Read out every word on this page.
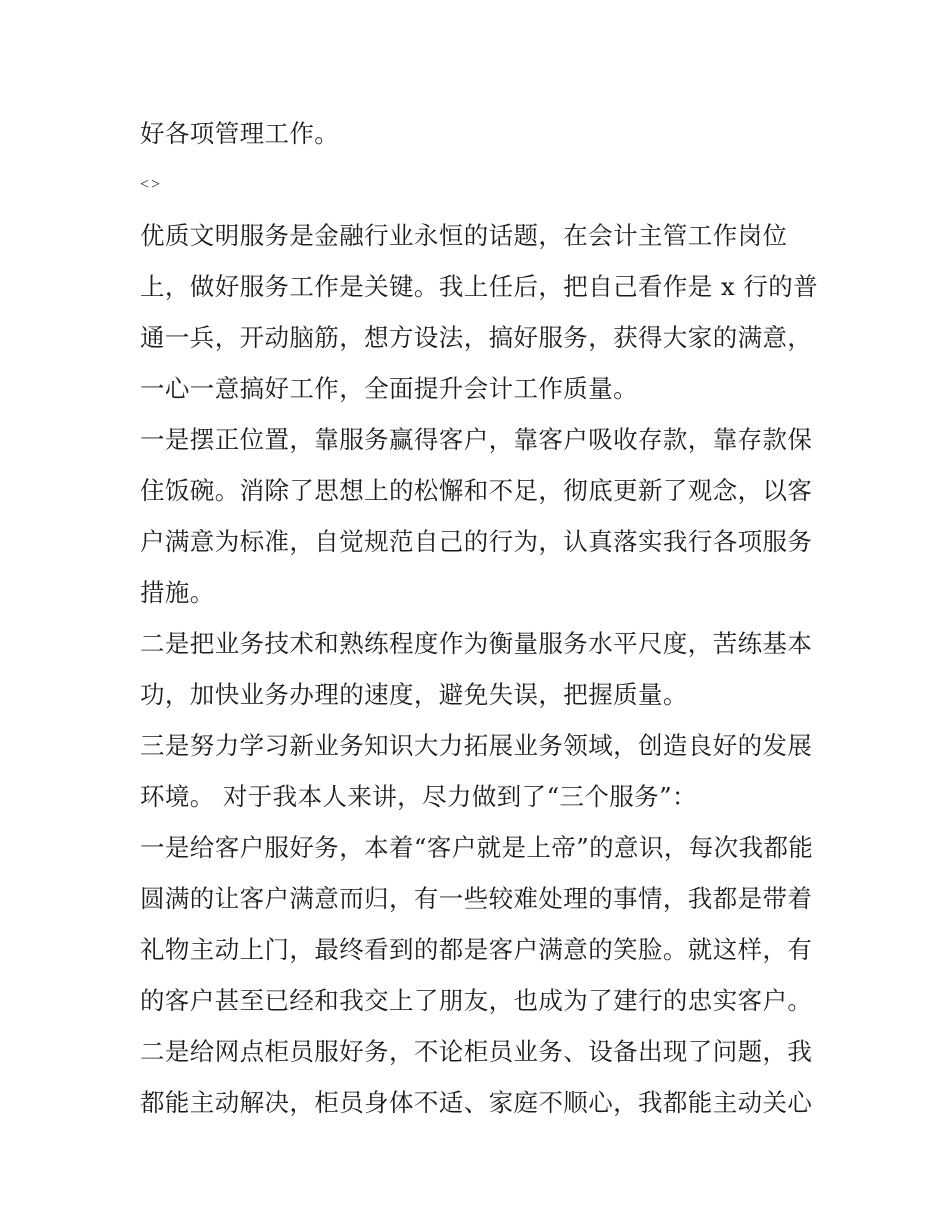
好各项管理工作。
<>
优质文明服务是金融行业永恒的话题，在会计主管工作岗位
上，做好服务工作是关键。我上任后，把自己看作是 x 行的普
通一兵，开动脑筋，想方设法，搞好服务，获得大家的满意，
一心一意搞好工作，全面提升会计工作质量。
一是摆正位置，靠服务赢得客户，靠客户吸收存款，靠存款保
住饭碗。消除了思想上的松懈和不足，彻底更新了观念，以客
户满意为标准，自觉规范自己的行为，认真落实我行各项服务
措施。
二是把业务技术和熟练程度作为衡量服务水平尺度，苦练基本
功，加快业务办理的速度，避免失误，把握质量。
三是努力学习新业务知识大力拓展业务领域，创造良好的发展
环境。 对于我本人来讲，尽力做到了“三个服务”：
一是给客户服好务，本着“客户就是上帝”的意识，每次我都能
圆满的让客户满意而归，有一些较难处理的事情，我都是带着
礼物主动上门，最终看到的都是客户满意的笑脸。就这样，有
的客户甚至已经和我交上了朋友，也成为了建行的忠实客户。
二是给网点柜员服好务，不论柜员业务、设备出现了问题，我
都能主动解决，柜员身体不适、家庭不顺心，我都能主动关心
